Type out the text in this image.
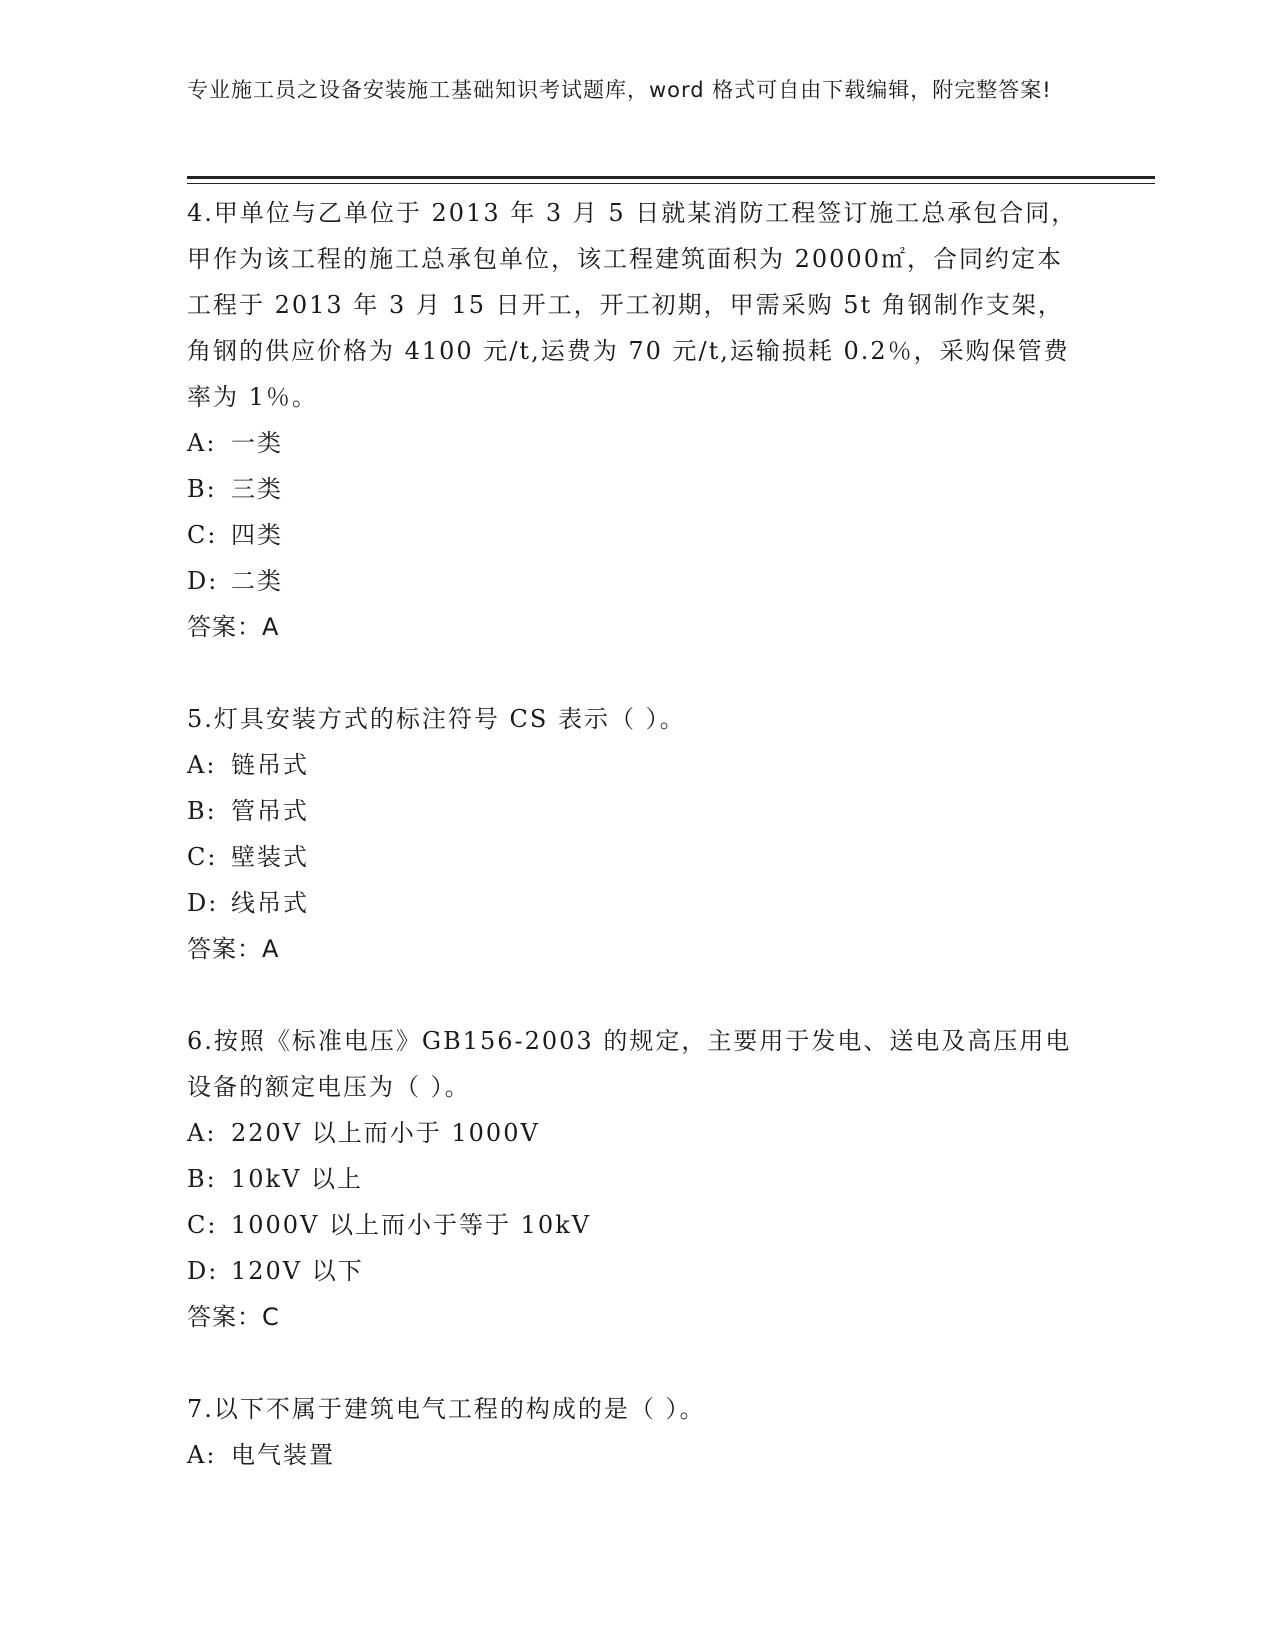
专业施工员之设备安装施工基础知识考试题库，word 格式可自由下载编辑，附完整答案!

4.甲单位与乙单位于 2013 年 3 月 5 日就某消防工程签订施工总承包合同，甲作为该工程的施工总承包单位，该工程建筑面积为 20000㎡，合同约定本工程于 2013 年 3 月 15 日开工，开工初期，甲需采购 5t 角钢制作支架，角钢的供应价格为 4100 元/t,运费为 70 元/t,运输损耗 0.2％，采购保管费率为 1％。

A: 一类

B: 三类

C: 四类

D: 二类

答案：A

5.灯具安装方式的标注符号 CS 表示（ ）。

A: 链吊式

B: 管吊式

C: 壁装式

D: 线吊式

答案：A

6.按照《标准电压》GB156-2003 的规定，主要用于发电、送电及高压用电设备的额定电压为（ ）。

A: 220V 以上而小于 1000V

B: 10kV 以上

C: 1000V 以上而小于等于 10kV

D: 120V 以下

答案：C

7.以下不属于建筑电气工程的构成的是（ ）。

A: 电气装置
